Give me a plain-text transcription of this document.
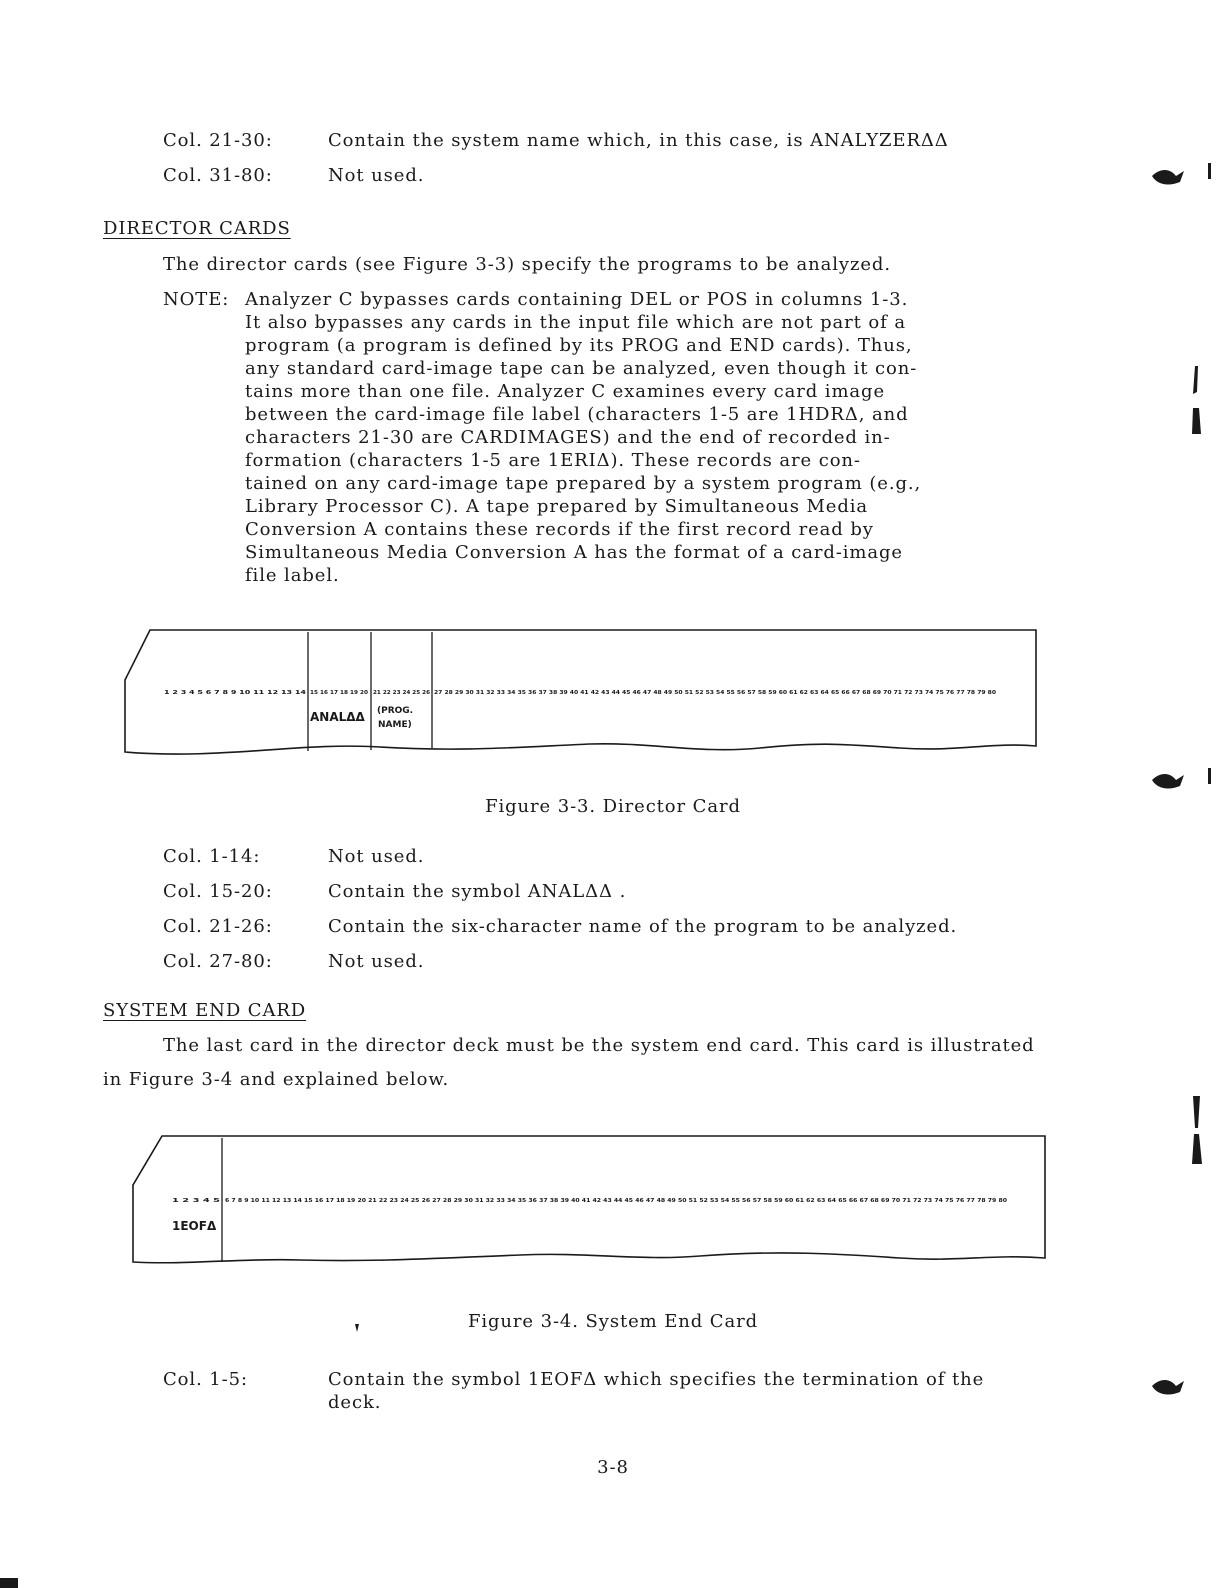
Col. 21-30:	Contain the system name which, in this case, is ANALYZERΔΔ
Col. 31-80:	Not used.
DIRECTOR CARDS
The director cards (see Figure 3-3) specify the programs to be analyzed.
NOTE: Analyzer C bypasses cards containing DEL or POS in columns 1-3.
It also bypasses any cards in the input file which are not part of a
program (a program is defined by its PROG and END cards). Thus,
any standard card-image tape can be analyzed, even though it con-
tains more than one file. Analyzer C examines every card image
between the card-image file label (characters 1-5 are 1HDRΔ, and
characters 21-30 are CARDIMAGES) and the end of recorded in-
formation (characters 1-5 are 1ERIΔ). These records are con-
tained on any card-image tape prepared by a system program (e.g.,
Library Processor C). A tape prepared by Simultaneous Media
Conversion A contains these records if the first record read by
Simultaneous Media Conversion A has the format of a card-image
file label.
1 2 3 4 5 6 7 8 9 10 11 12 13 14 15 16 17 18 19 20 21 22 23 24 25 26 27 28 29 30 31 32 33 34 35 36 37 38 39 40 41 42 43 44 45 46 47 48 49 50 51 52 53 54 55 56 57 58 59 60 61 62 63 64 65 66 67 68 69 70 71 72 73 74 75 76 77 78 79 80
ANALΔΔ (PROG.
NAME)
1 2 3 4 5 6 7 8 9 10 11 12 13 14 15 16 17 18 19 20 21 22 23 24 25 26 27 28 29 30 31 32 33 34 35 36 37 38 39 40 41 42 43 44 45 46 47 48 49 50 51 52 53 54 55 56 57 58 59 60 61 62 63 64 65 66 67 68 69 70 71 72 73 74 75 76 77 78 79 80
1EOFΔ
Figure 3-3. Director Card
Col. 1-14:	Not used.
Col. 15-20:	Contain the symbol ANALΔΔ .
Col. 21-26:	Contain the six-character name of the program to be analyzed.
Col. 27-80:	Not used.
SYSTEM END CARD
The last card in the director deck must be the system end card. This card is illustrated
in Figure 3-4 and explained below.
Figure 3-4. System End Card
Col. 1-5:	Contain the symbol 1EOFΔ which specifies the termination of the
deck.
3-8
